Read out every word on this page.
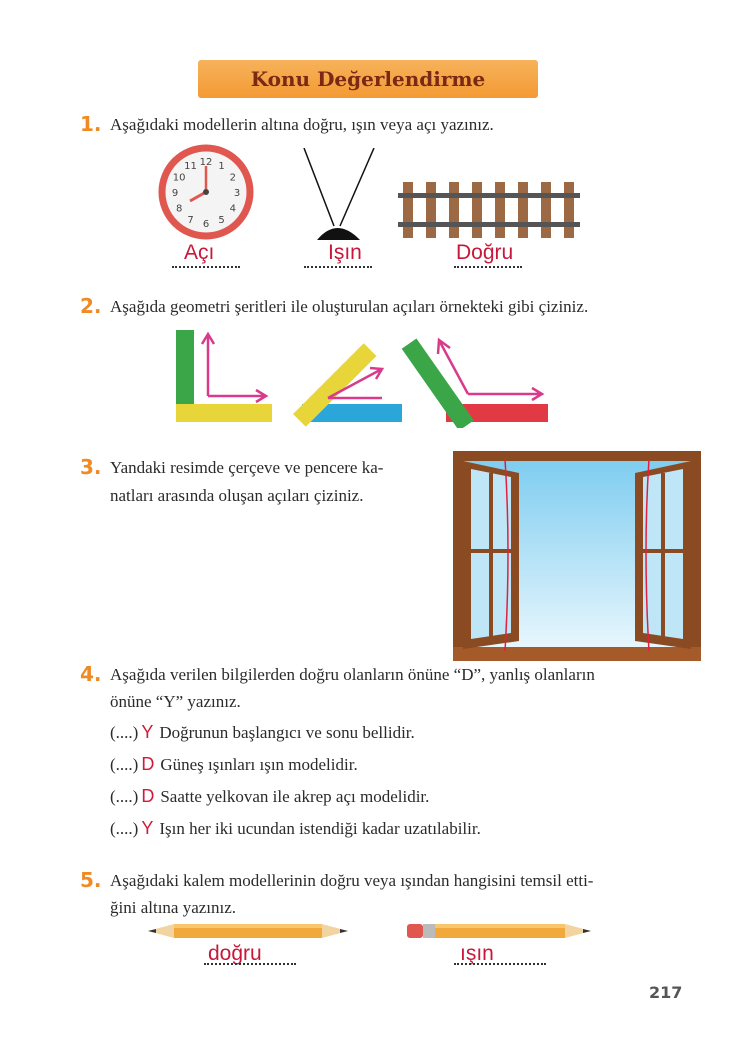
Konu Değerlendirme
1. Aşağıdaki modellerin altına doğru, ışın veya açı yazınız.
12 1
2
3
4
5
6
7
8
9
10
11
Açı	Işın	Doğru
2. Aşağıda geometri şeritleri ile oluşturulan açıları örnekteki gibi çiziniz.
3. Yandaki resimde çerçeve ve pencere ka-
natları arasında oluşan açıları çiziniz.
4. Aşağıda verilen bilgilerden doğru olanların önüne “D”, yanlış olanların
önüne “Y” yazınız.
(....) Y Doğrunun başlangıcı ve sonu bellidir.
(....) D Güneş ışınları ışın modelidir.
(....) D Saatte yelkovan ile akrep açı modelidir.
(....) Y Işın her iki ucundan istendiği kadar uzatılabilir.
5. Aşağıdaki kalem modellerinin doğru veya ışından hangisini temsil etti-
ğini altına yazınız.
doğru	ışın
217
